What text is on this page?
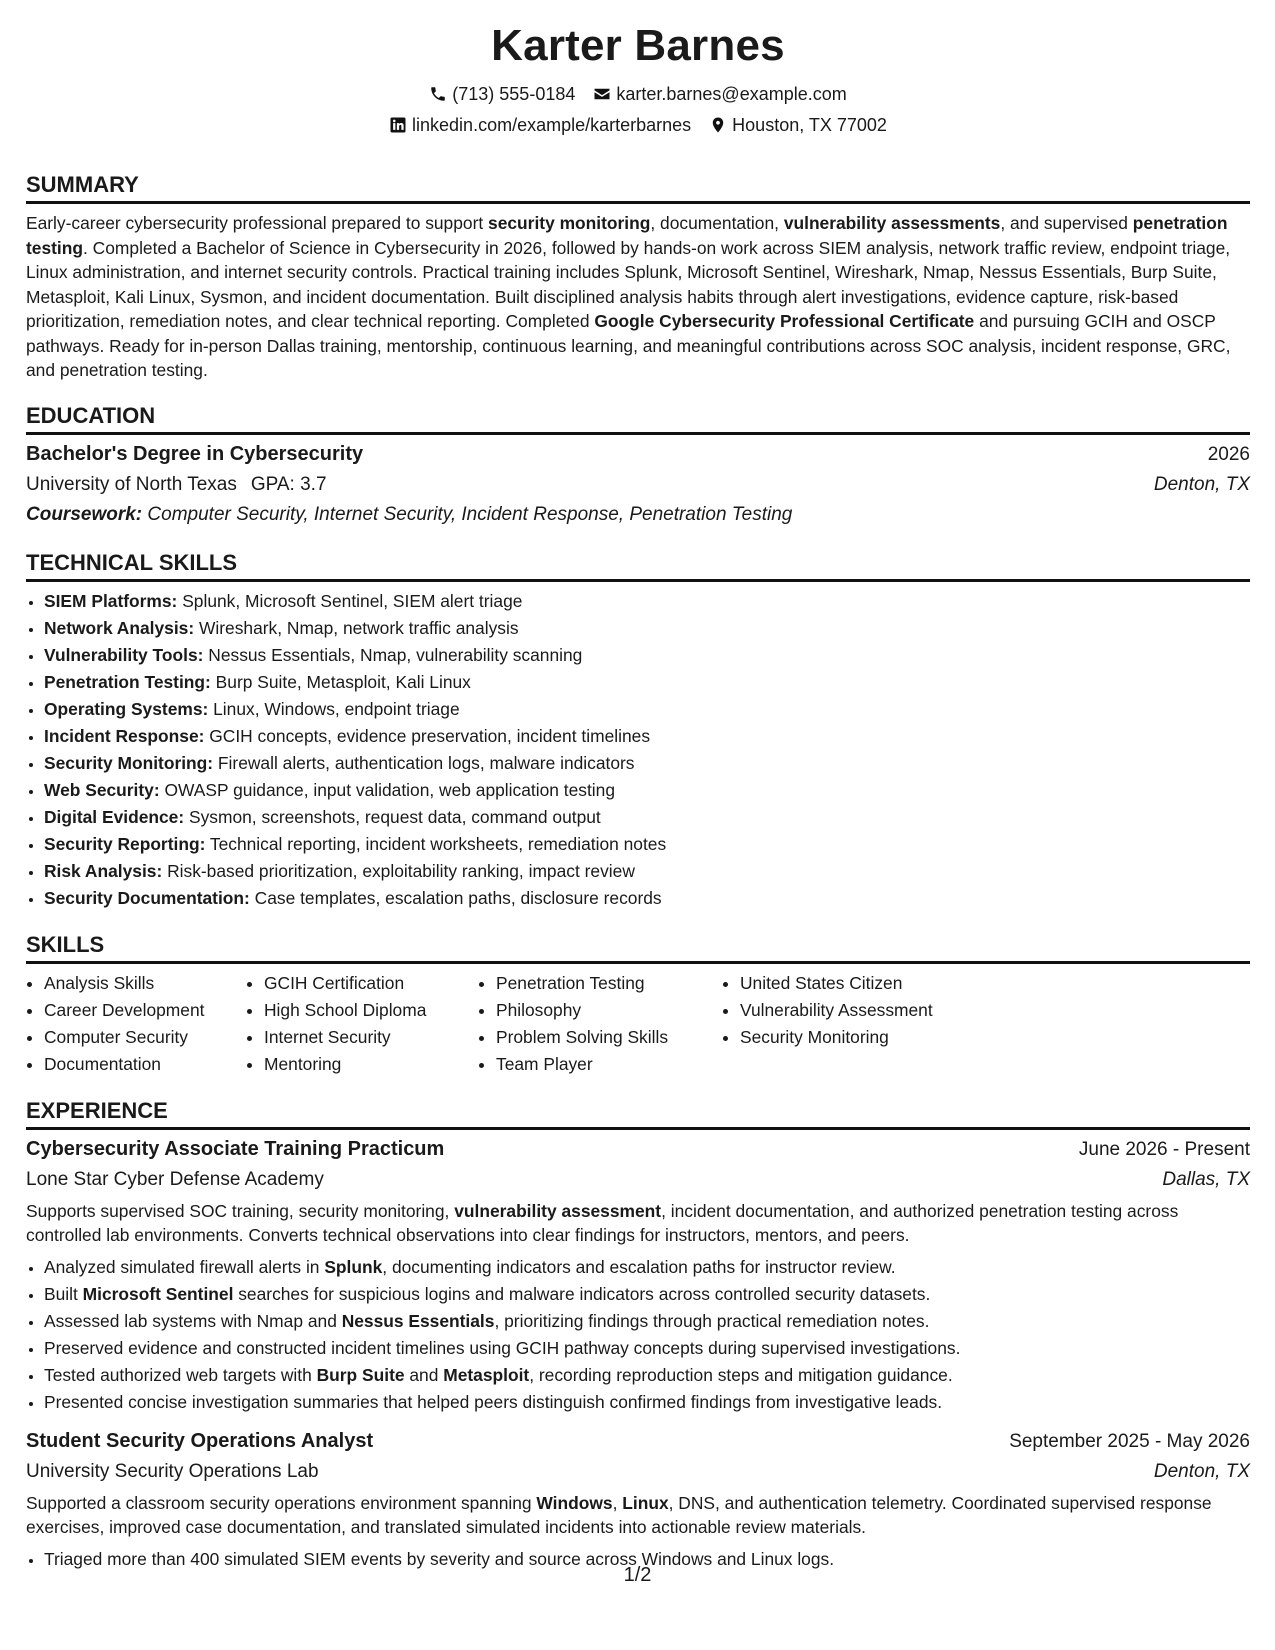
Karter Barnes
(713) 555-0184 karter.barnes@example.com
linkedin.com/example/karterbarnes Houston, TX 77002
SUMMARY

Early-career cybersecurity professional prepared to support security monitoring, documentation, vulnerability assessments, and supervised penetration testing. Completed a Bachelor of Science in Cybersecurity in 2026, followed by hands-on work across SIEM analysis, network traffic review, endpoint triage, Linux administration, and internet security controls. Practical training includes Splunk, Microsoft Sentinel, Wireshark, Nmap, Nessus Essentials, Burp Suite, Metasploit, Kali Linux, Sysmon, and incident documentation. Built disciplined analysis habits through alert investigations, evidence capture, risk-based prioritization, remediation notes, and clear technical reporting. Completed Google Cybersecurity Professional Certificate and pursuing GCIH and OSCP pathways. Ready for in-person Dallas training, mentorship, continuous learning, and meaningful contributions across SOC analysis, incident response, GRC, and penetration testing.

EDUCATION
Bachelor's Degree in Cybersecurity	2026
University of North Texas GPA: 3.7	Denton, TX
Coursework: Computer Security, Internet Security, Incident Response, Penetration Testing
TECHNICAL SKILLS
• SIEM Platforms: Splunk, Microsoft Sentinel, SIEM alert triage
• Network Analysis: Wireshark, Nmap, network traffic analysis
• Vulnerability Tools: Nessus Essentials, Nmap, vulnerability scanning
• Penetration Testing: Burp Suite, Metasploit, Kali Linux
• Operating Systems: Linux, Windows, endpoint triage
• Incident Response: GCIH concepts, evidence preservation, incident timelines
• Security Monitoring: Firewall alerts, authentication logs, malware indicators
• Web Security: OWASP guidance, input validation, web application testing
• Digital Evidence: Sysmon, screenshots, request data, command output
• Security Reporting: Technical reporting, incident worksheets, remediation notes
• Risk Analysis: Risk-based prioritization, exploitability ranking, impact review
• Security Documentation: Case templates, escalation paths, disclosure records
SKILLS
• Analysis Skills
• Career Development
• Computer Security
• Documentation
• GCIH Certification
• High School Diploma
• Internet Security
• Mentoring
• Penetration Testing
• Philosophy
• Problem Solving Skills
• Team Player
• United States Citizen
• Vulnerability Assessment
• Security Monitoring
EXPERIENCE
Cybersecurity Associate Training Practicum	June 2026 - Present
Lone Star Cyber Defense Academy	Dallas, TX

Supports supervised SOC training, security monitoring, vulnerability assessment, incident documentation, and authorized penetration testing across controlled lab environments. Converts technical observations into clear findings for instructors, mentors, and peers.

• Analyzed simulated firewall alerts in Splunk, documenting indicators and escalation paths for instructor review.
• Built Microsoft Sentinel searches for suspicious logins and malware indicators across controlled security datasets.
• Assessed lab systems with Nmap and Nessus Essentials, prioritizing findings through practical remediation notes.
• Preserved evidence and constructed incident timelines using GCIH pathway concepts during supervised investigations.
• Tested authorized web targets with Burp Suite and Metasploit, recording reproduction steps and mitigation guidance.
• Presented concise investigation summaries that helped peers distinguish confirmed findings from investigative leads.
Student Security Operations Analyst	September 2025 - May 2026
University Security Operations Lab	Denton, TX

Supported a classroom security operations environment spanning Windows, Linux, DNS, and authentication telemetry. Coordinated supervised response exercises, improved case documentation, and translated simulated incidents into actionable review materials.

• Triaged more than 400 simulated SIEM events by severity and source across Windows and Linux logs.
1/2
